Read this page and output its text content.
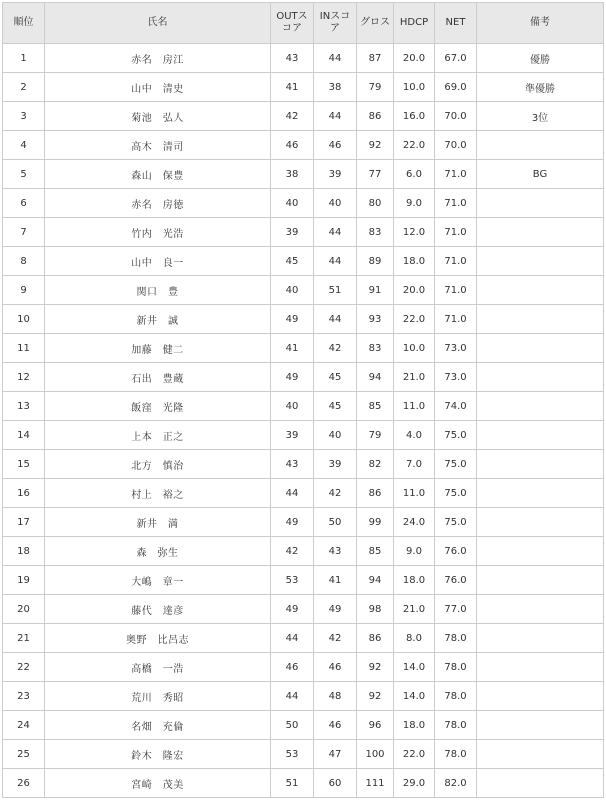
順位	氏名	OUTスコア	INスコア	グロス	HDCP	NET	備考
1	赤名　房江	43	44	87	20.0	67.0	優勝
2	山中　清史	41	38	79	10.0	69.0	準優勝
3	菊池　弘人	42	44	86	16.0	70.0	3位
4	高木　清司	46	46	92	22.0	70.0	
5	森山　保豊	38	39	77	6.0	71.0	BG
6	赤名　房徳	40	40	80	9.0	71.0	
7	竹内　光浩	39	44	83	12.0	71.0	
8	山中　良一	45	44	89	18.0	71.0	
9	関口　豊	40	51	91	20.0	71.0	
10	新井　誠	49	44	93	22.0	71.0	
11	加藤　健二	41	42	83	10.0	73.0	
12	石出　豊蔵	49	45	94	21.0	73.0	
13	飯窪　光隆	40	45	85	11.0	74.0	
14	上本　正之	39	40	79	4.0	75.0	
15	北方　慎治	43	39	82	7.0	75.0	
16	村上　裕之	44	42	86	11.0	75.0	
17	新井　満	49	50	99	24.0	75.0	
18	森　弥生	42	43	85	9.0	76.0	
19	大嶋　章一	53	41	94	18.0	76.0	
20	藤代　達彦	49	49	98	21.0	77.0	
21	奥野　比呂志	44	42	86	8.0	78.0	
22	高橋　一浩	46	46	92	14.0	78.0	
23	荒川　秀昭	44	48	92	14.0	78.0	
24	名畑　充倫	50	46	96	18.0	78.0	
25	鈴木　隆宏	53	47	100	22.0	78.0	
26	宮崎　茂美	51	60	111	29.0	82.0	
